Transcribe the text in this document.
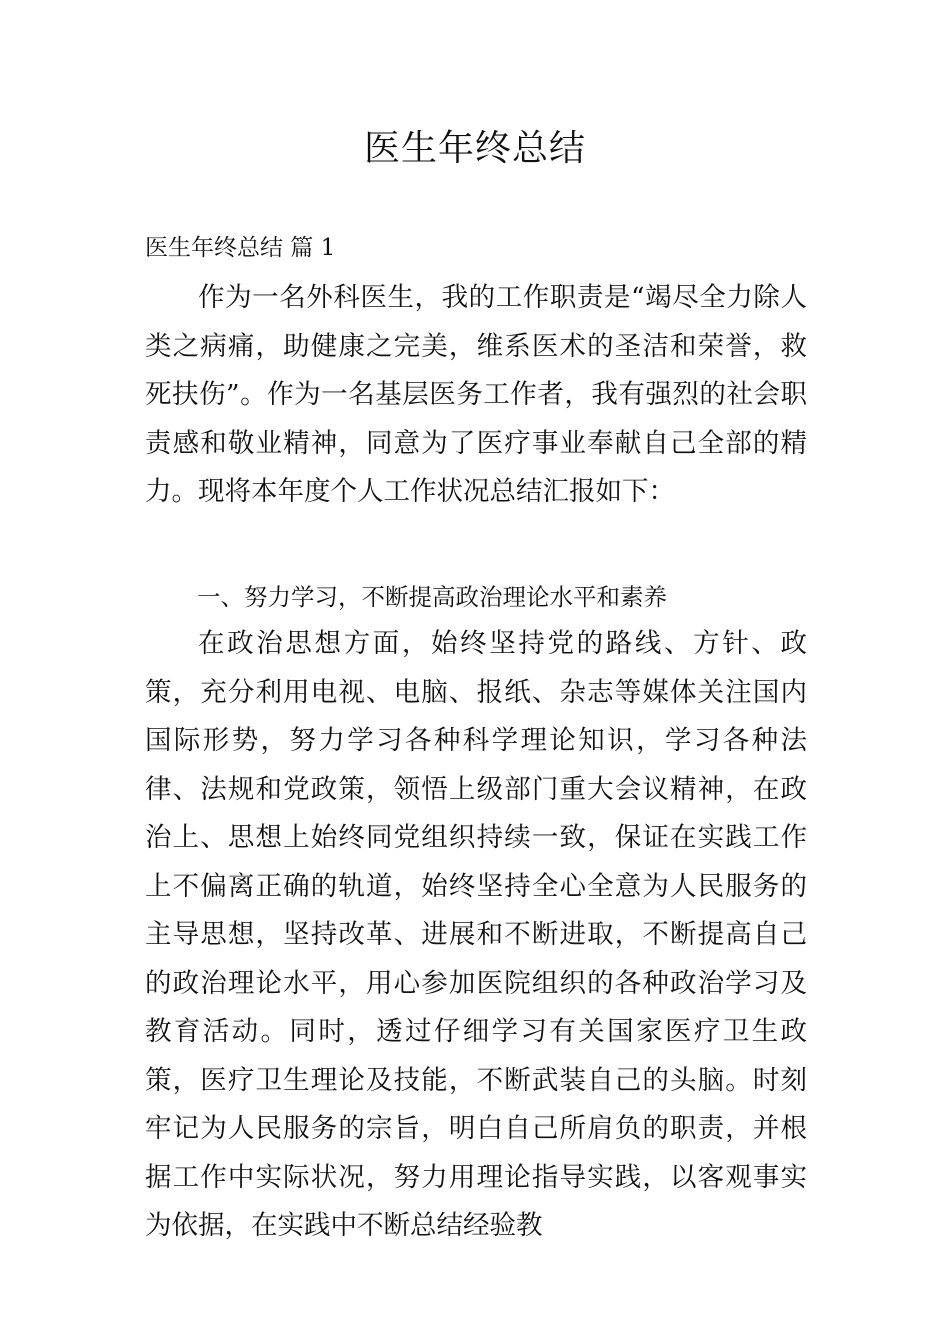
医生年终总结
医生年终总结 篇 1

作为一名外科医生，我的工作职责是“竭尽全力除人类之病痛，助健康之完美，维系医术的圣洁和荣誉，救死扶伤”。作为一名基层医务工作者，我有强烈的社会职责感和敬业精神，同意为了医疗事业奉献自己全部的精力。现将本年度个人工作状况总结汇报如下：

一、努力学习，不断提高政治理论水平和素养

在政治思想方面，始终坚持党的路线、方针、政策，充分利用电视、电脑、报纸、杂志等媒体关注国内国际形势，努力学习各种科学理论知识，学习各种法律、法规和党政策，领悟上级部门重大会议精神，在政治上、思想上始终同党组织持续一致，保证在实践工作上不偏离正确的轨道，始终坚持全心全意为人民服务的主导思想，坚持改革、进展和不断进取，不断提高自己的政治理论水平，用心参加医院组织的各种政治学习及教育活动。同时，透过仔细学习有关国家医疗卫生政策，医疗卫生理论及技能，不断武装自己的头脑。时刻牢记为人民服务的宗旨，明白自己所肩负的职责，并根据工作中实际状况，努力用理论指导实践，以客观事实为依据，在实践中不断总结经验教
